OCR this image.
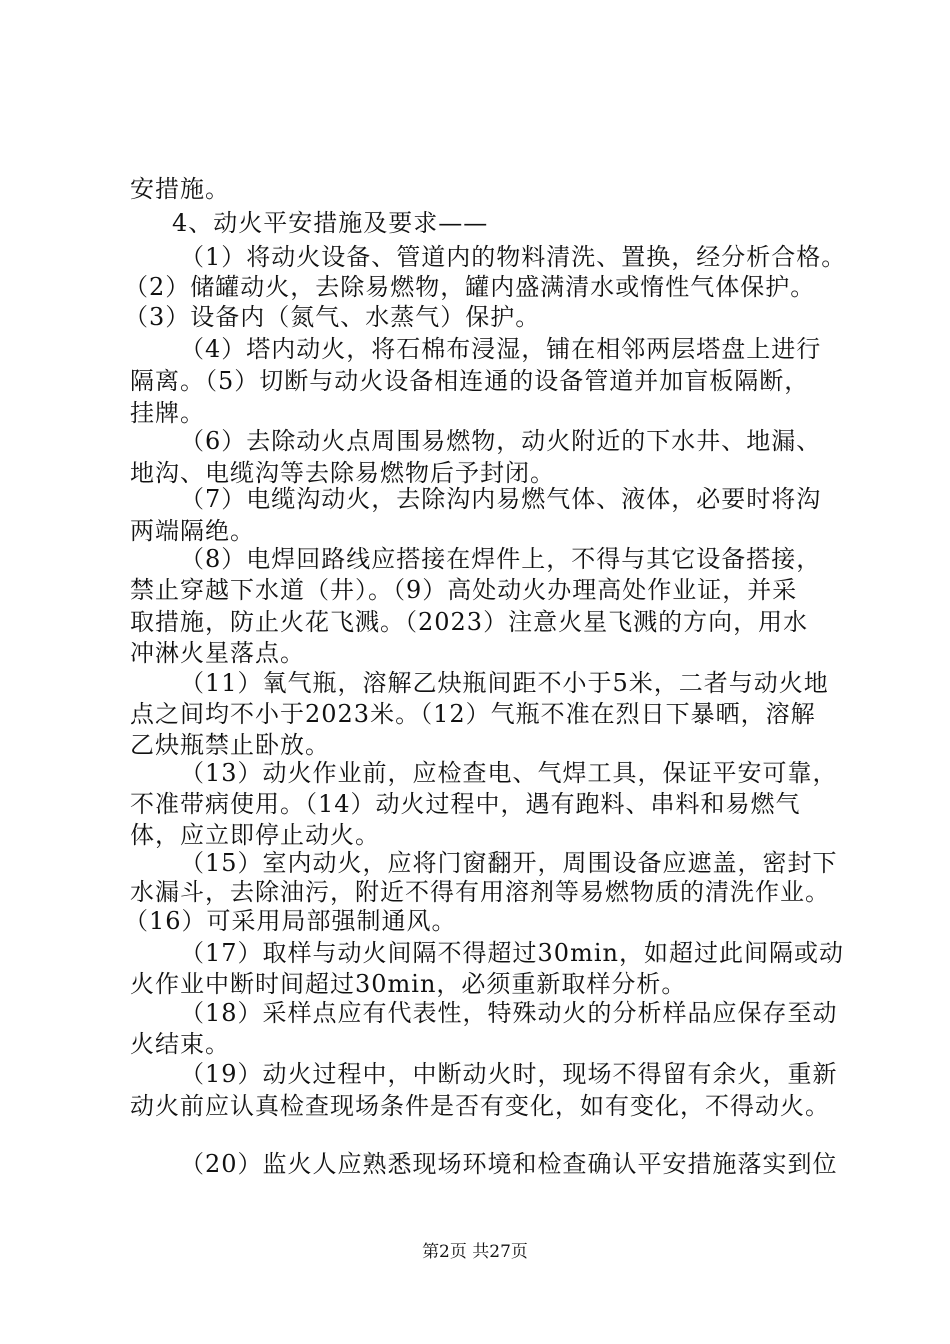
安措施。
4、动火平安措施及要求——
（1）将动火设备、管道内的物料清洗、置换，经分析合格。
（2）储罐动火，去除易燃物，罐内盛满清水或惰性气体保护。
（3）设备内（氮气、水蒸气）保护。
（4）塔内动火，将石棉布浸湿，铺在相邻两层塔盘上进行
隔离。（5）切断与动火设备相连通的设备管道并加盲板隔断，
挂牌。
（6）去除动火点周围易燃物，动火附近的下水井、地漏、
地沟、电缆沟等去除易燃物后予封闭。
（7）电缆沟动火，去除沟内易燃气体、液体，必要时将沟
两端隔绝。
（8）电焊回路线应搭接在焊件上，不得与其它设备搭接，
禁止穿越下水道（井）。（9）高处动火办理高处作业证，并采
取措施，防止火花飞溅。（2023）注意火星飞溅的方向，用水
冲淋火星落点。
（11）氧气瓶，溶解乙炔瓶间距不小于5米，二者与动火地
点之间均不小于2023米。（12）气瓶不准在烈日下暴晒，溶解
乙炔瓶禁止卧放。
（13）动火作业前，应检查电、气焊工具，保证平安可靠，
不准带病使用。（14）动火过程中，遇有跑料、串料和易燃气
体，应立即停止动火。
（15）室内动火，应将门窗翻开，周围设备应遮盖，密封下
水漏斗，去除油污，附近不得有用溶剂等易燃物质的清洗作业。
（16）可采用局部强制通风。
（17）取样与动火间隔不得超过30min，如超过此间隔或动
火作业中断时间超过30min，必须重新取样分析。
（18）采样点应有代表性，特殊动火的分析样品应保存至动
火结束。
（19）动火过程中，中断动火时，现场不得留有余火，重新
动火前应认真检查现场条件是否有变化，如有变化，不得动火。
（20）监火人应熟悉现场环境和检查确认平安措施落实到位
第2页 共27页
